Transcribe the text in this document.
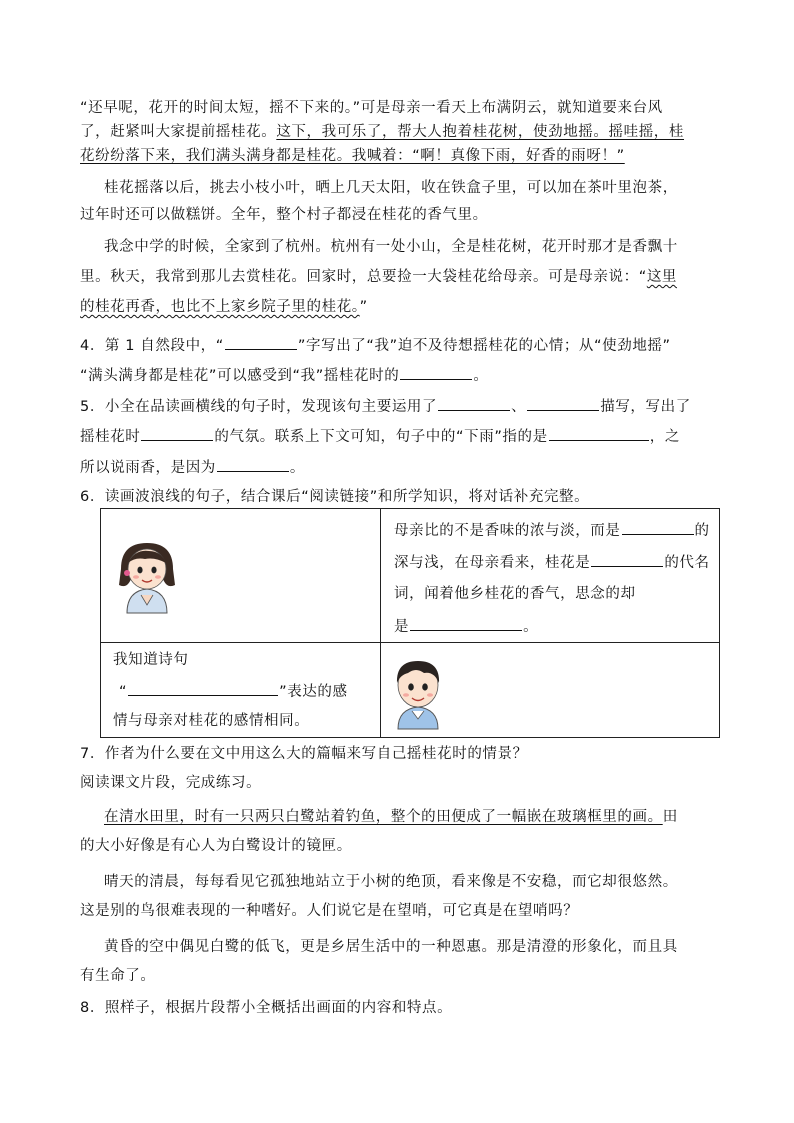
“还早呢，花开的时间太短，摇不下来的。”可是母亲一看天上布满阴云，就知道要来台风
了，赶紧叫大家提前摇桂花。这下，我可乐了，帮大人抱着桂花树，使劲地摇。摇哇摇，桂
花纷纷落下来，我们满头满身都是桂花。我喊着：“啊！真像下雨，好香的雨呀！”
桂花摇落以后，挑去小枝小叶，晒上几天太阳，收在铁盒子里，可以加在茶叶里泡茶，
过年时还可以做糕饼。全年，整个村子都浸在桂花的香气里。
我念中学的时候，全家到了杭州。杭州有一处小山，全是桂花树，花开时那才是香飘十
里。秋天，我常到那儿去赏桂花。回家时，总要捡一大袋桂花给母亲。可是母亲说：“这里
的桂花再香，也比不上家乡院子里的桂花。”
4．第 1 自然段中，“	”字写出了“我”迫不及待想摇桂花的心情；从“使劲地摇”
“满头满身都是桂花”可以感受到“我”摇桂花时的	。
5．小全在品读画横线的句子时，发现该句主要运用了	、	描写，写出了
摇桂花时	的气氛。联系上下文可知，句子中的“下雨”指的是	，之
所以说雨香，是因为	。
6．读画波浪线的句子，结合课后“阅读链接”和所学知识，将对话补充完整。
母亲比的不是香味的浓与淡，而是	的
深与浅，在母亲看来，桂花是	的代名
词，闻着他乡桂花的香气，思念的却
是	。
我知道诗句
“	”表达的感
情与母亲对桂花的感情相同。
7．作者为什么要在文中用这么大的篇幅来写自己摇桂花时的情景？
阅读课文片段，完成练习。
在清水田里，时有一只两只白鹭站着钓鱼，整个的田便成了一幅嵌在玻璃框里的画。田
的大小好像是有心人为白鹭设计的镜匣。
晴天的清晨，每每看见它孤独地站立于小树的绝顶，看来像是不安稳，而它却很悠然。
这是别的鸟很难表现的一种嗜好。人们说它是在望哨，可它真是在望哨吗？
黄昏的空中偶见白鹭的低飞，更是乡居生活中的一种恩惠。那是清澄的形象化，而且具
有生命了。
8．照样子，根据片段帮小全概括出画面的内容和特点。
